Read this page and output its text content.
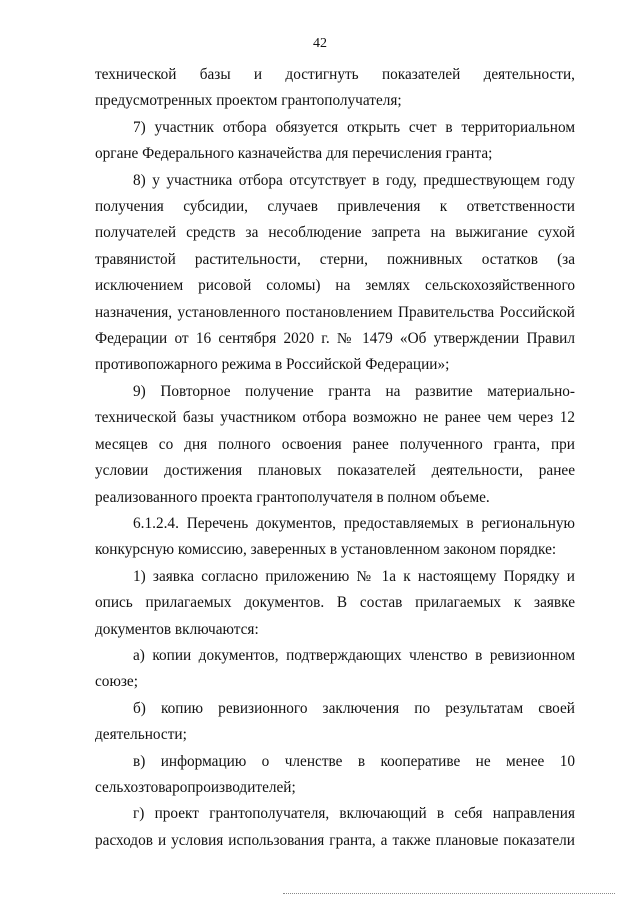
42

технической базы и достигнуть показателей деятельности, предусмотренных проектом грантополучателя;

7) участник отбора обязуется открыть счет в территориальном органе Федерального казначейства для перечисления гранта;

8) у участника отбора отсутствует в году, предшествующем году получения субсидии, случаев привлечения к ответственности получателей средств за несоблюдение запрета на выжигание сухой травянистой растительности, стерни, пожнивных остатков (за исключением рисовой соломы) на землях сельскохозяйственного назначения, установленного постановлением Правительства Российской Федерации от 16 сентября 2020 г. № 1479 «Об утверждении Правил противопожарного режима в Российской Федерации»;

9) Повторное получение гранта на развитие материально-технической базы участником отбора возможно не ранее чем через 12 месяцев со дня полного освоения ранее полученного гранта, при условии достижения плановых показателей деятельности, ранее реализованного проекта грантополучателя в полном объеме.

6.1.2.4. Перечень документов, предоставляемых в региональную конкурсную комиссию, заверенных в установленном законом порядке:

1) заявка согласно приложению № 1а к настоящему Порядку и опись прилагаемых документов. В состав прилагаемых к заявке документов включаются:

а) копии документов, подтверждающих членство в ревизионном союзе;

б) копию ревизионного заключения по результатам своей деятельности;

в) информацию о членстве в кооперативе не менее 10 сельхозтоваропроизводителей;

г) проект грантополучателя, включающий в себя направления расходов и условия использования гранта, а также плановые показатели
